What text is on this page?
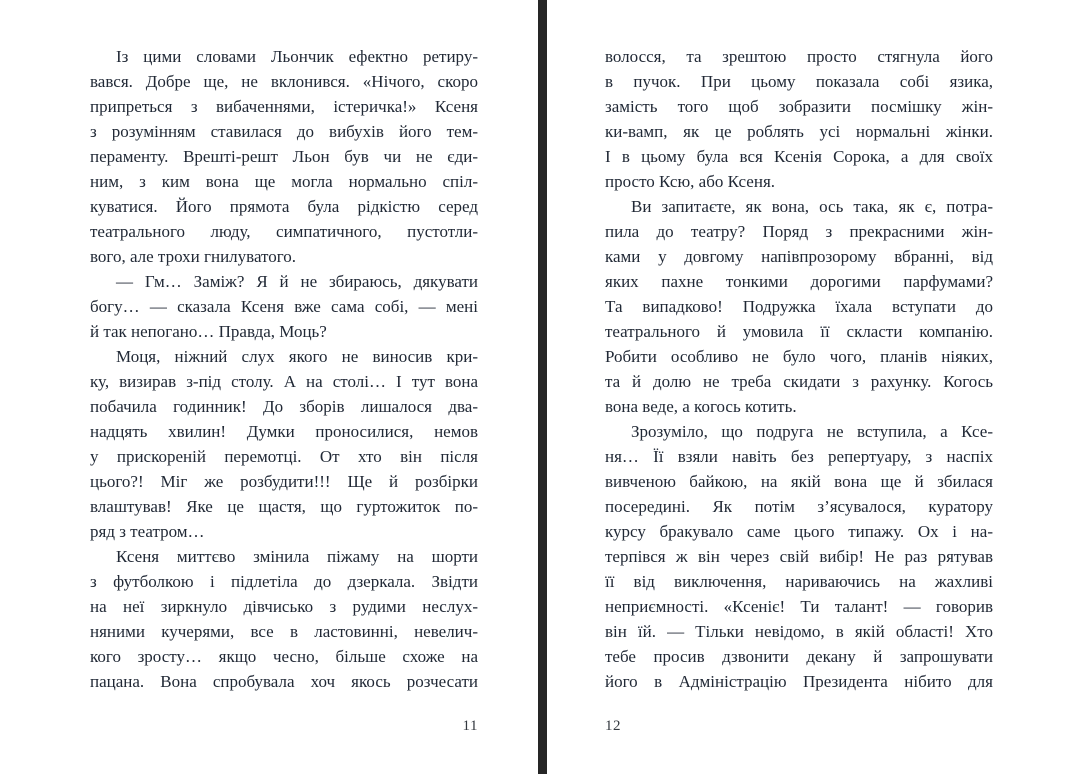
Із цими словами Льончик ефектно ретиру-
вався. Добре ще, не вклонився. «Нічого, скоро
припреться з вибаченнями, істеричка!» Ксеня
з розумінням ставилася до вибухів його тем-
пераменту. Врешті-решт Льон був чи не єди-
ним, з ким вона ще могла нормально спіл-
куватися. Його прямота була рідкістю серед
театрального люду, симпатичного, пустотли-
вого, але трохи гнилуватого.
— Гм… Заміж? Я й не збираюсь, дякувати
богу… — сказала Ксеня вже сама собі, — мені
й так непогано… Правда, Моць?
Моця, ніжний слух якого не виносив кри-
ку, визирав з-під столу. А на столі… І тут вона
побачила годинник! До зборів лишалося два-
надцять хвилин! Думки проносилися, немов
у прискореній перемотці. От хто він після
цього?! Міг же розбудити!!! Ще й розбірки
влаштував! Яке це щастя, що гуртожиток по-
ряд з театром…
Ксеня миттєво змінила піжаму на шорти
з футболкою і підлетіла до дзеркала. Звідти
на неї зиркнуло дівчисько з рудими неслух-
няними кучерями, все в ластовинні, невелич-
кого зросту… якщо чесно, більше схоже на
пацана. Вона спробувала хоч якось розчесати
волосся, та зрештою просто стягнула його
в пучок. При цьому показала собі язика,
замість того щоб зобразити посмішку жін-
ки-вамп, як це роблять усі нормальні жінки.
І в цьому була вся Ксенія Сорока, а для своїх
просто Ксю, або Ксеня.
Ви запитаєте, як вона, ось така, як є, потра-
пила до театру? Поряд з прекрасними жін-
ками у довгому напівпрозорому вбранні, від
яких пахне тонкими дорогими парфумами?
Та випадково! Подружка їхала вступати до
театрального й умовила її скласти компанію.
Робити особливо не було чого, планів ніяких,
та й долю не треба скидати з рахунку. Когось
вона веде, а когось котить.
Зрозуміло, що подруга не вступила, а Ксе-
ня… Її взяли навіть без репертуару, з наспіх
вивченою байкою, на якій вона ще й збилася
посередині. Як потім з’ясувалося, куратору
курсу бракувало саме цього типажу. Ох і на-
терпівся ж він через свій вибір! Не раз рятував
її від виключення, нариваючись на жахливі
неприємності. «Ксеніє! Ти талант! — говорив
він їй. — Тільки невідомо, в якій області! Хто
тебе просив дзвонити декану й запрошувати
його в Адміністрацію Президента нібито для
11	12
